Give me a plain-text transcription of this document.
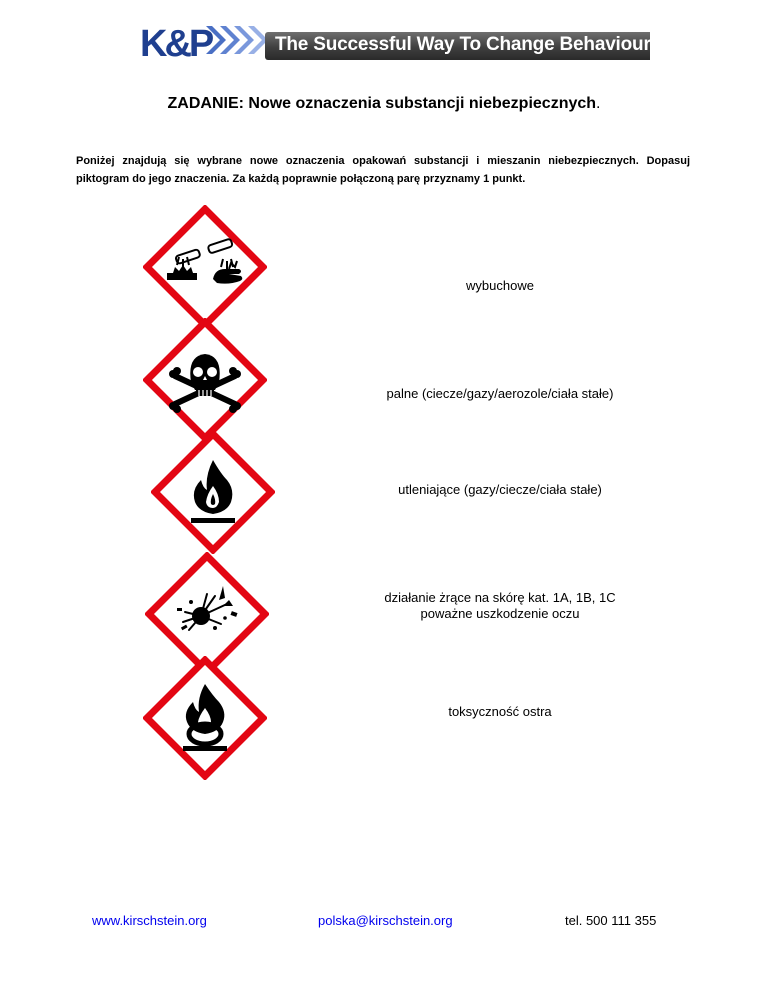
K&P	The Successful Way To Change Behaviour
ZADANIE: Nowe oznaczenia substancji niebezpiecznych.
Poniżej znajdują się wybrane nowe oznaczenia opakowań substancji i mieszanin niebezpiecznych. Dopasuj piktogram do jego znaczenia. Za każdą poprawnie połączoną parę przyznamy 1 punkt.
wybuchowe
palne (ciecze/gazy/aerozole/ciała stałe)
utleniające (gazy/ciecze/ciała stałe)
działanie żrące na skórę kat. 1A, 1B, 1C
poważne uszkodzenie oczu
toksyczność ostra
www.kirschstein.org	polska@kirschstein.org	tel. 500 111 355
